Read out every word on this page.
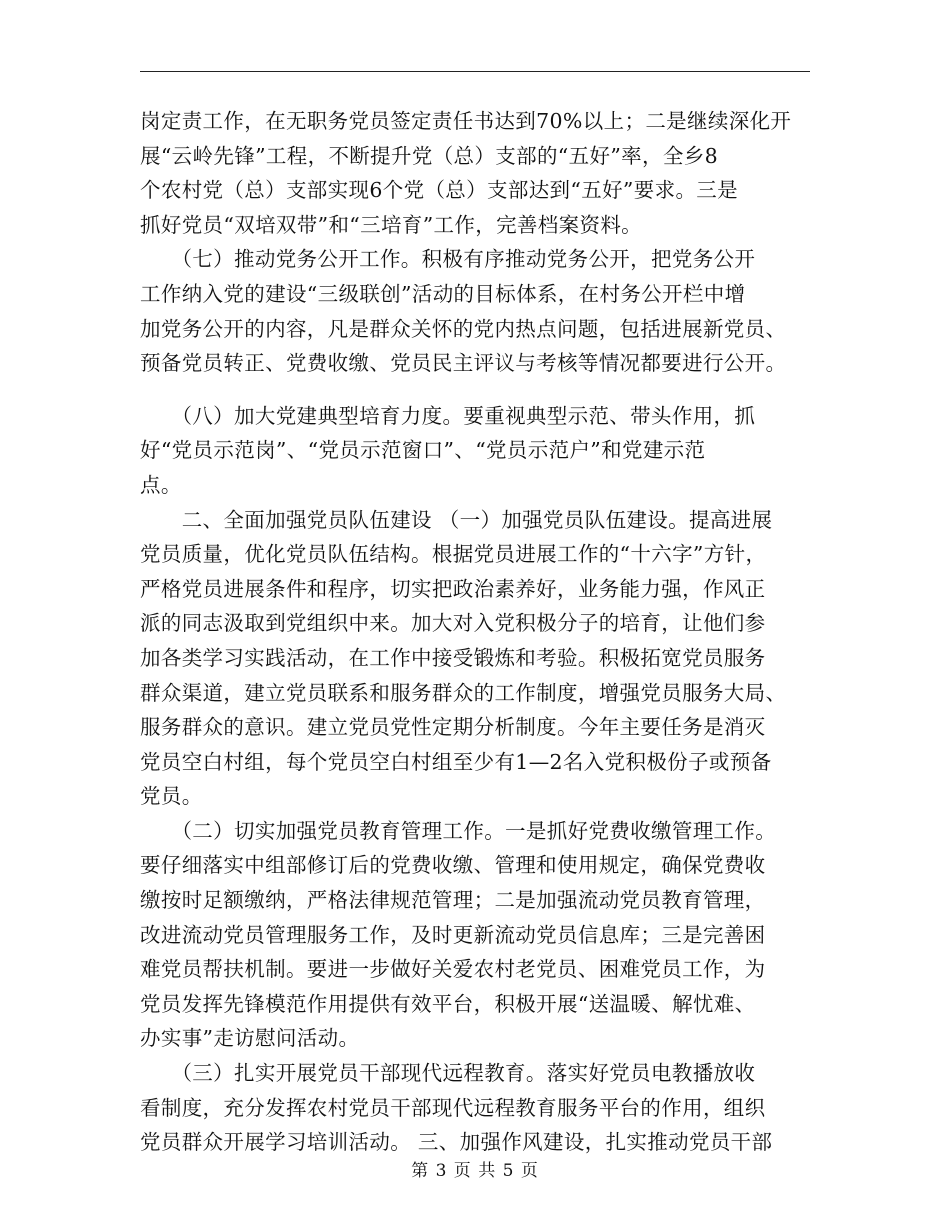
岗定责工作，在无职务党员签定责任书达到70%以上；二是继续深化开
展“云岭先锋”工程，不断提升党（总）支部的“五好”率，全乡8
个农村党（总）支部实现6个党（总）支部达到“五好”要求。三是
抓好党员“双培双带”和“三培育”工作，完善档案资料。
　　（七）推动党务公开工作。积极有序推动党务公开，把党务公开
工作纳入党的建设“三级联创”活动的目标体系，在村务公开栏中增
加党务公开的内容，凡是群众关怀的党内热点问题，包括进展新党员、
预备党员转正、党费收缴、党员民主评议与考核等情况都要进行公开。
　　（八）加大党建典型培育力度。要重视典型示范、带头作用，抓
好“党员示范岗”、“党员示范窗口”、“党员示范户”和党建示范
点。
　　二、全面加强党员队伍建设 （一）加强党员队伍建设。提高进展
党员质量，优化党员队伍结构。根据党员进展工作的“十六字”方针，
严格党员进展条件和程序，切实把政治素养好，业务能力强，作风正
派的同志汲取到党组织中来。加大对入党积极分子的培育，让他们参
加各类学习实践活动，在工作中接受锻炼和考验。积极拓宽党员服务
群众渠道，建立党员联系和服务群众的工作制度，增强党员服务大局、
服务群众的意识。建立党员党性定期分析制度。今年主要任务是消灭
党员空白村组，每个党员空白村组至少有1—2名入党积极份子或预备
党员。
　　（二）切实加强党员教育管理工作。一是抓好党费收缴管理工作。
要仔细落实中组部修订后的党费收缴、管理和使用规定，确保党费收
缴按时足额缴纳，严格法律规范管理；二是加强流动党员教育管理，
改进流动党员管理服务工作，及时更新流动党员信息库；三是完善困
难党员帮扶机制。要进一步做好关爱农村老党员、困难党员工作，为
党员发挥先锋模范作用提供有效平台，积极开展“送温暖、解忧难、
办实事”走访慰问活动。
　　（三）扎实开展党员干部现代远程教育。落实好党员电教播放收
看制度，充分发挥农村党员干部现代远程教育服务平台的作用，组织
党员群众开展学习培训活动。 三、加强作风建设，扎实推动党员干部
第 3 页 共 5 页
